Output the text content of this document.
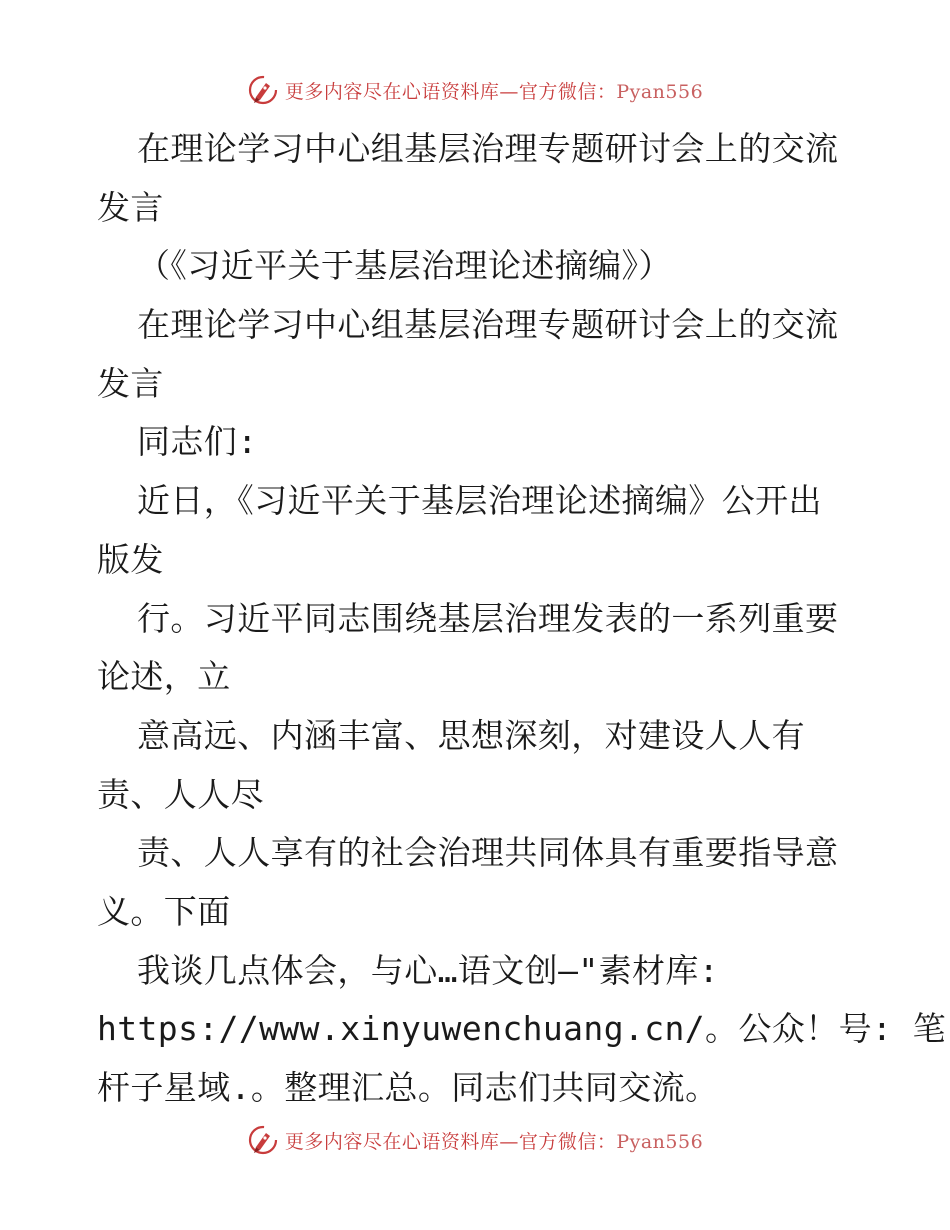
更多内容尽在心语资料库—官方微信：Pyan556
在理论学习中心组基层治理专题研讨会上的交流
发言
（《习近平关于基层治理论述摘编》）
在理论学习中心组基层治理专题研讨会上的交流
发言
同志们:
近日，《习近平关于基层治理论述摘编》公开出
版发
行。习近平同志围绕基层治理发表的一系列重要
论述，立
意高远、内涵丰富、思想深刻，对建设人人有
责、人人尽
责、人人享有的社会治理共同体具有重要指导意
义。下面
我谈几点体会，与心…语文创—"素材库:
https://www.xinyuwenchuang.cn/。公众！号: 笔
杆子星域.。整理汇总。同志们共同交流。
更多内容尽在心语资料库—官方微信：Pyan556
